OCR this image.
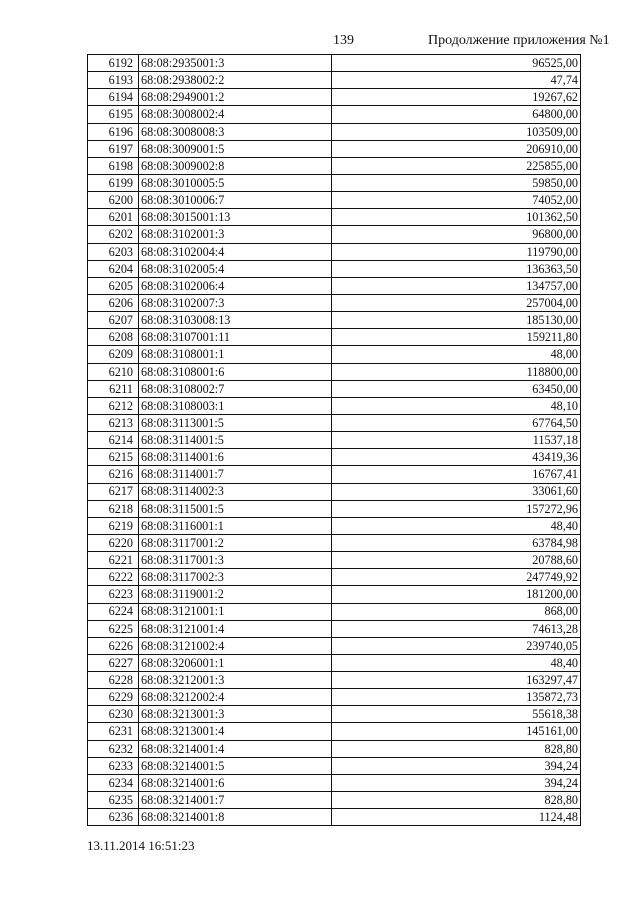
139	Продолжение приложения №1
6192	68:08:2935001:3	96525,00
6193	68:08:2938002:2	47,74
6194	68:08:2949001:2	19267,62
6195	68:08:3008002:4	64800,00
6196	68:08:3008008:3	103509,00
6197	68:08:3009001:5	206910,00
6198	68:08:3009002:8	225855,00
6199	68:08:3010005:5	59850,00
6200	68:08:3010006:7	74052,00
6201	68:08:3015001:13	101362,50
6202	68:08:3102001:3	96800,00
6203	68:08:3102004:4	119790,00
6204	68:08:3102005:4	136363,50
6205	68:08:3102006:4	134757,00
6206	68:08:3102007:3	257004,00
6207	68:08:3103008:13	185130,00
6208	68:08:3107001:11	159211,80
6209	68:08:3108001:1	48,00
6210	68:08:3108001:6	118800,00
6211	68:08:3108002:7	63450,00
6212	68:08:3108003:1	48,10
6213	68:08:3113001:5	67764,50
6214	68:08:3114001:5	11537,18
6215	68:08:3114001:6	43419,36
6216	68:08:3114001:7	16767,41
6217	68:08:3114002:3	33061,60
6218	68:08:3115001:5	157272,96
6219	68:08:3116001:1	48,40
6220	68:08:3117001:2	63784,98
6221	68:08:3117001:3	20788,60
6222	68:08:3117002:3	247749,92
6223	68:08:3119001:2	181200,00
6224	68:08:3121001:1	868,00
6225	68:08:3121001:4	74613,28
6226	68:08:3121002:4	239740,05
6227	68:08:3206001:1	48,40
6228	68:08:3212001:3	163297,47
6229	68:08:3212002:4	135872,73
6230	68:08:3213001:3	55618,38
6231	68:08:3213001:4	145161,00
6232	68:08:3214001:4	828,80
6233	68:08:3214001:5	394,24
6234	68:08:3214001:6	394,24
6235	68:08:3214001:7	828,80
6236	68:08:3214001:8	1124,48
13.11.2014 16:51:23
